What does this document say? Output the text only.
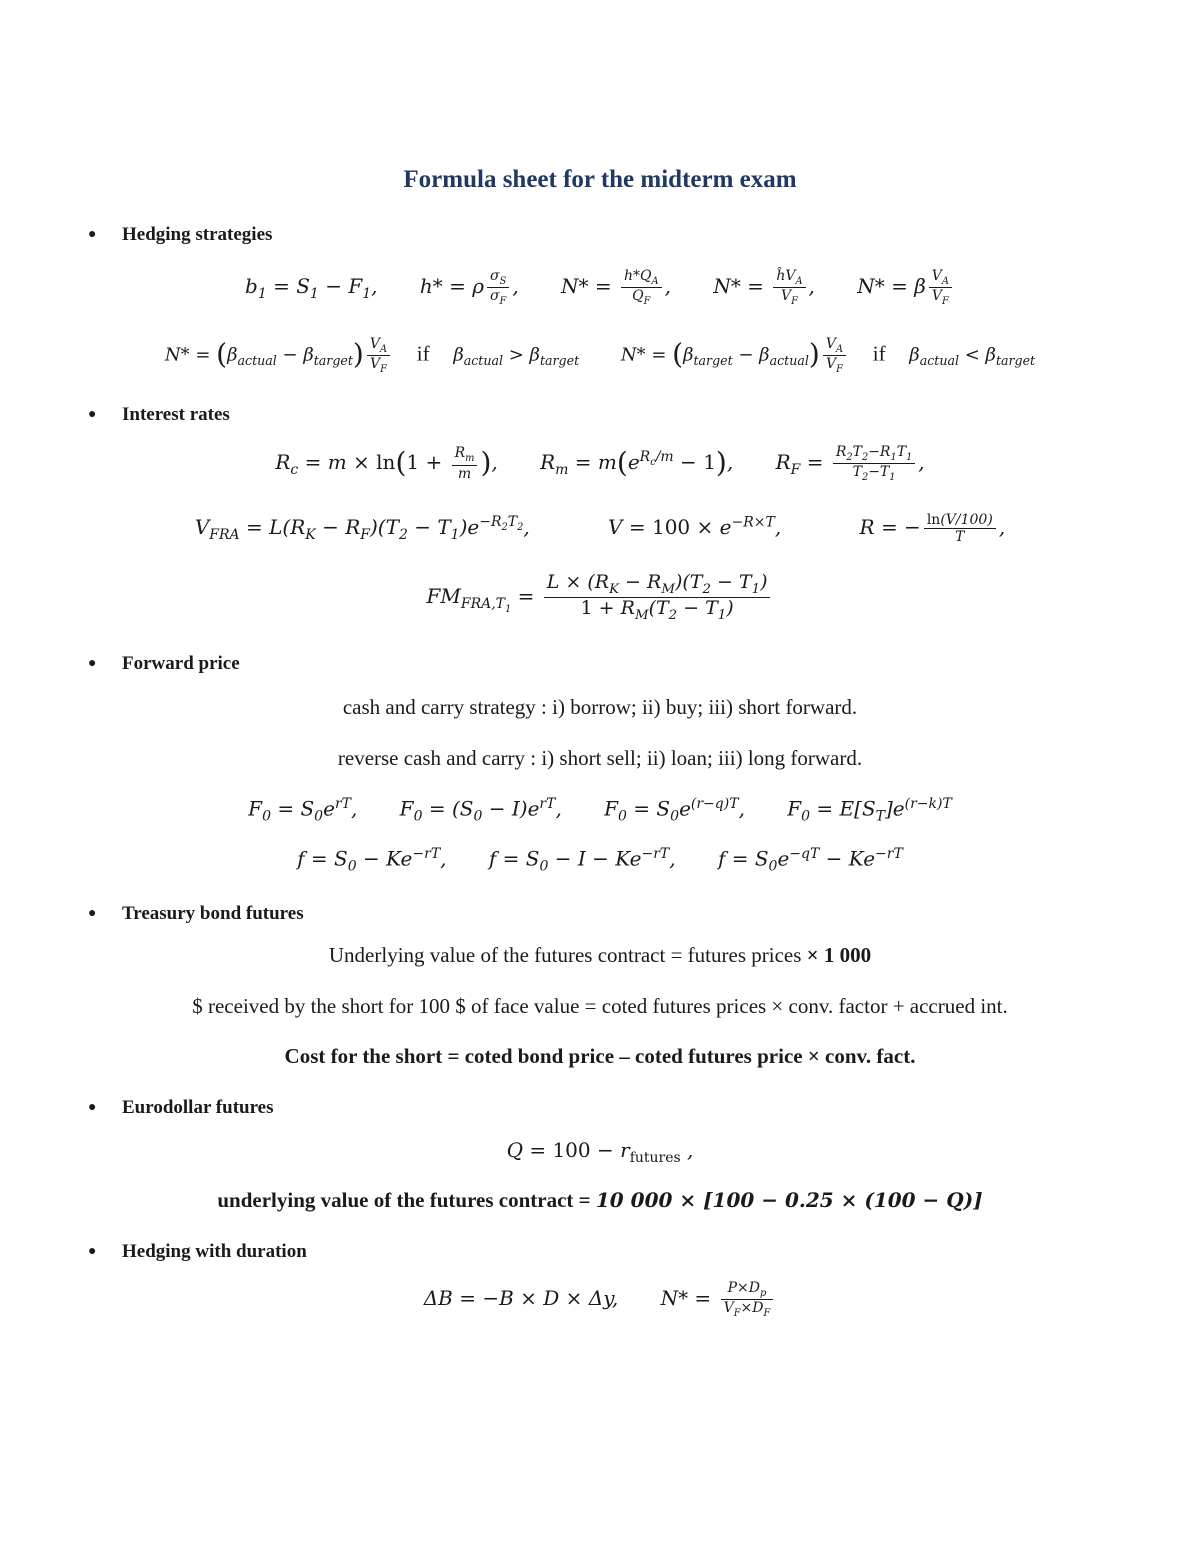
Formula sheet for the midterm exam
● Hedging strategies
$b_1 = S_1 - F_1$, h* = ρ $\frac{\sigma_S}{\sigma_F}$ , $N* = \frac{h*Q_A}{Q_F}$ , $N* = \frac{ĥV_A}{V_F}$ , N* = β $\frac{V_A}{V_F}$
$N* = (\beta_{actual} - \beta_{target}) \frac{V_A}{V_F}$ if $\beta_{actual} > \beta_{target}$ $N* = (\beta_{target} - \beta_{actual}) \frac{V_A}{V_F}$ if $\beta_{actual} < \beta_{target}$
● Interest rates
$R_c = m \times \ln(1 + \frac{R_m}{m}$ ), $R_m = m(e^{R_c/m} - 1)$, $R_F = \frac{R_2T_2-R_1T_1}{T_2-T_1}$ ,
$V_{FRA} = L(R_K - R_F)(T_2 - T_1)e^{-R_2T_2}$,	$V = 100 \times e^{-R\times T}$,	R = − $\frac{\ln(V/100)}{T}$ ,
$FM_{FRA,T_1} = \frac{L \times (R_K - R_M)(T_2 - T_1)}{1 + R_M(T_2 - T_1)}$
● Forward price
cash and carry strategy : i) borrow; ii) buy; iii) short forward.
reverse cash and carry : i) short sell; ii) loan; iii) long forward.
$F_0 = S_0e^{rT}$, $F_0 = (S_0 - I)e^{rT}$, $F_0 = S_0e^{(r-q)T}$, $F_0 = E[S_T]e^{(r-k)T}$
$f = S_0 - Ke^{-rT}$, $f = S_0 - I - Ke^{-rT}$, $f = S_0e^{-qT} - Ke^{-rT}$
● Treasury bond futures
Underlying value of the futures contract = futures prices × 1 000
$ received by the short for 100 $ of face value = coted futures prices × conv. factor + accrued int.
Cost for the short = coted bond price – coted futures price × conv. fact.
● Eurodollar futures
$Q = 100 - r_{futures}$ ,
underlying value of the futures contract = 10 000 × [100 − 0.25 × (100 − Q)]
● Hedging with duration
ΔB = −B × D × Δy, $N* = \frac{P\times D_p}{V_F\times D_F}$
